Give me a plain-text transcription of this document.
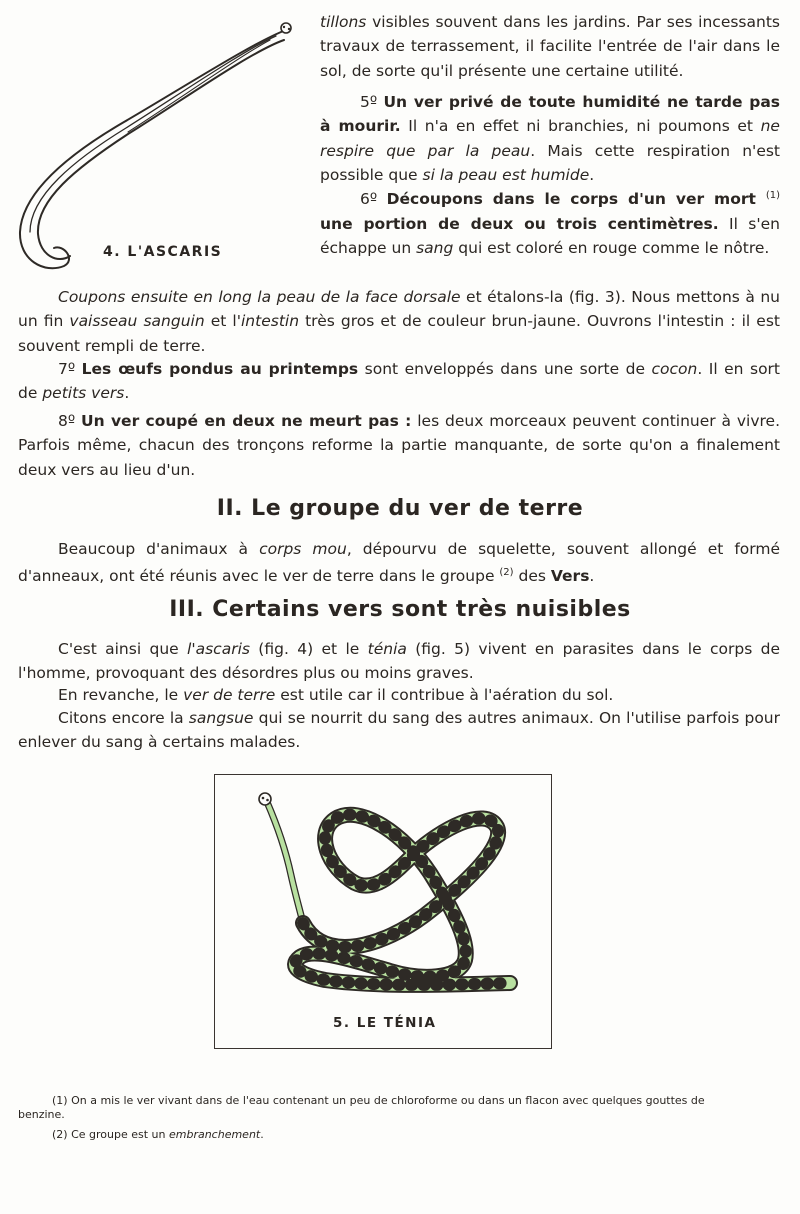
4. L'ASCARIS

tillons visibles souvent dans les jardins. Par ses incessants travaux de terrassement, il facilite l'entrée de l'air dans le sol, de sorte qu'il présente une certaine utilité.

5º Un ver privé de toute humidité ne tarde pas à mourir. Il n'a en effet ni branchies, ni poumons et ne respire que par la peau. Mais cette respiration n'est possible que si la peau est humide.

6º Découpons dans le corps d'un ver mort $^{(1)}$ une portion de deux ou trois centimètres. Il s'en échappe un sang qui est coloré en rouge comme le nôtre.

Coupons ensuite en long la peau de la face dorsale et étalons-la (fig. 3). Nous mettons à nu un fin vaisseau sanguin et l'intestin très gros et de couleur brun-jaune. Ouvrons l'intestin : il est souvent rempli de terre.

7º Les œufs pondus au printemps sont enveloppés dans une sorte de cocon. Il en sort de petits vers.

8º Un ver coupé en deux ne meurt pas : les deux morceaux peuvent continuer à vivre. Parfois même, chacun des tronçons reforme la partie manquante, de sorte qu'on a finalement deux vers au lieu d'un.

II. Le groupe du ver de terre

Beaucoup d'animaux à corps mou, dépourvu de squelette, souvent allongé et formé d'anneaux, ont été réunis avec le ver de terre dans le groupe $^{(2)}$ des Vers.

III. Certains vers sont très nuisibles

C'est ainsi que l'ascaris (fig. 4) et le ténia (fig. 5) vivent en parasites dans le corps de l'homme, provoquant des désordres plus ou moins graves.

En revanche, le ver de terre est utile car il contribue à l'aération du sol.

Citons encore la sangsue qui se nourrit du sang des autres animaux. On l'utilise parfois pour enlever du sang à certains malades.

5. LE TÉNIA

(1) On a mis le ver vivant dans de l'eau contenant un peu de chloroforme ou dans un flacon avec quelques gouttes de benzine.

(2) Ce groupe est un embranchement.
